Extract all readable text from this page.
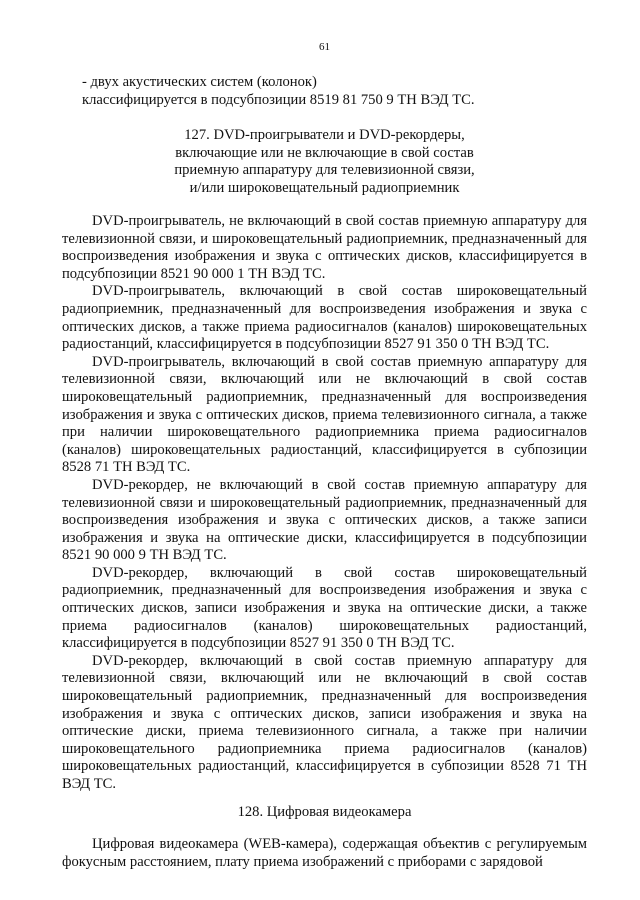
61

- двух акустических систем (колонок)

классифицируется в подсубпозиции 8519 81 750 9 ТН ВЭД ТС.

127. DVD-проигрыватели и DVD-рекордеры,

включающие или не включающие в свой состав

приемную аппаратуру для телевизионной связи,

и/или широковещательный радиоприемник

DVD-проигрыватель, не включающий в свой состав приемную аппаратуру для телевизионной связи, и широковещательный радиоприемник, предназначенный для воспроизведения изображения и звука с оптических дисков, классифицируется в подсубпозиции 8521 90 000 1 ТН ВЭД ТС.

DVD-проигрыватель, включающий в свой состав широковещательный радиоприемник, предназначенный для воспроизведения изображения и звука с оптических дисков, а также приема радиосигналов (каналов) широковещательных радиостанций, классифицируется в подсубпозиции 8527 91 350 0 ТН ВЭД ТС.

DVD-проигрыватель, включающий в свой состав приемную аппаратуру для телевизионной связи, включающий или не включающий в свой состав широковещательный радиоприемник, предназначенный для воспроизведения изображения и звука с оптических дисков, приема телевизионного сигнала, а также при наличии широковещательного радиоприемника приема радиосигналов (каналов) широковещательных радиостанций, классифицируется в субпозиции 8528 71 ТН ВЭД ТС.

DVD-рекордер, не включающий в свой состав приемную аппаратуру для телевизионной связи и широковещательный радиоприемник, предназначенный для воспроизведения изображения и звука с оптических дисков, а также записи изображения и звука на оптические диски, классифицируется в подсубпозиции 8521 90 000 9 ТН ВЭД ТС.

DVD-рекордер, включающий в свой состав широковещательный радиоприемник, предназначенный для воспроизведения изображения и звука с оптических дисков, записи изображения и звука на оптические диски, а также приема радиосигналов (каналов) широковещательных радиостанций, классифицируется в подсубпозиции 8527 91 350 0 ТН ВЭД ТС.

DVD-рекордер, включающий в свой состав приемную аппаратуру для телевизионной связи, включающий или не включающий в свой состав широковещательный радиоприемник, предназначенный для воспроизведения изображения и звука с оптических дисков, записи изображения и звука на оптические диски, приема телевизионного сигнала, а также при наличии широковещательного радиоприемника приема радиосигналов (каналов) широковещательных радиостанций, классифицируется в субпозиции 8528 71 ТН ВЭД ТС.

128. Цифровая видеокамера

Цифровая видеокамера (WEB-камера), содержащая объектив с регулируемым фокусным расстоянием, плату приема изображений с приборами с зарядовой
